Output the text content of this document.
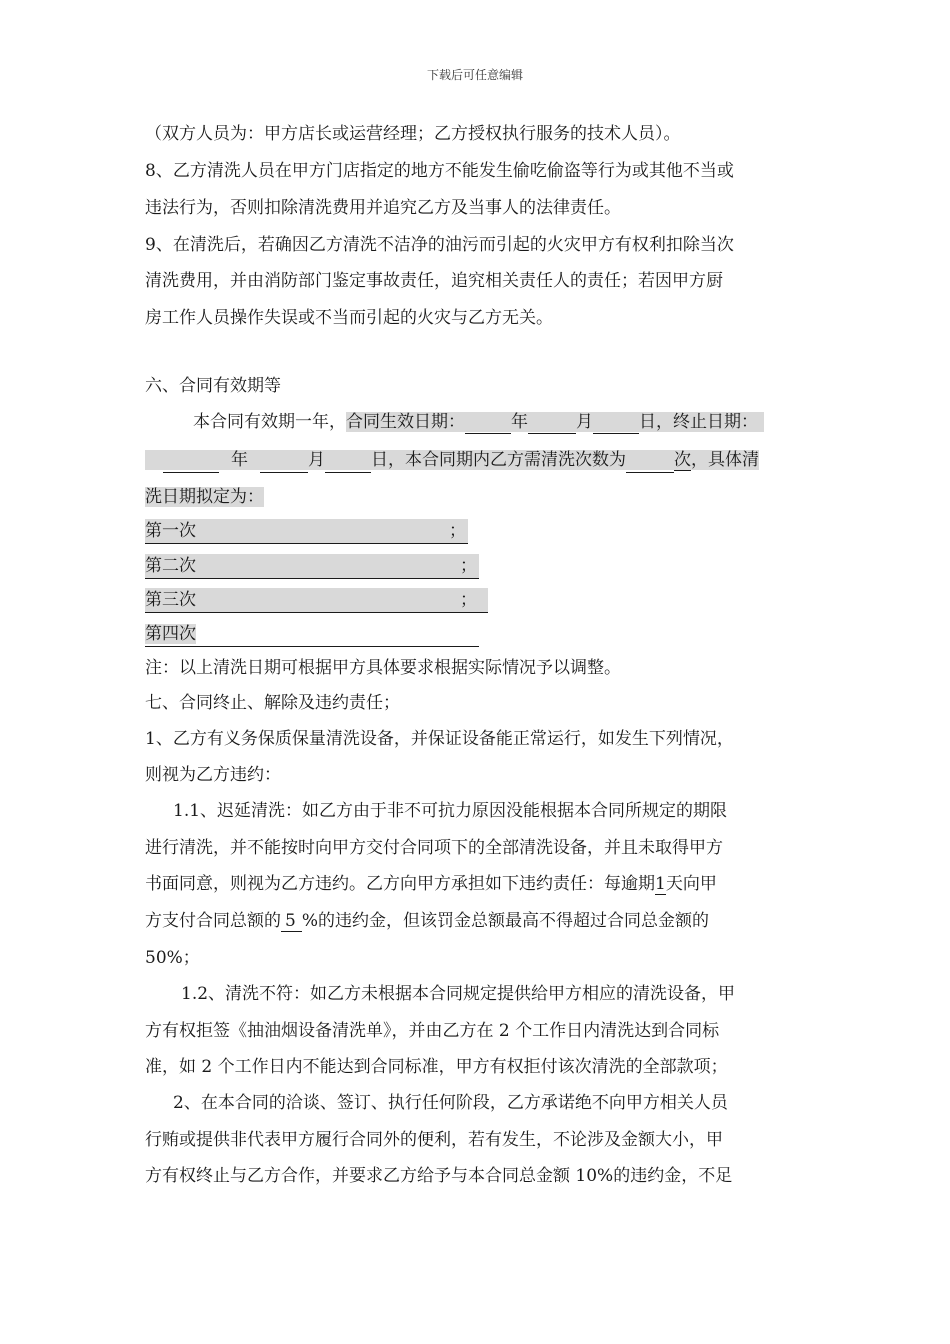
下载后可任意编辑
（双方人员为：甲方店长或运营经理；乙方授权执行服务的技术人员）。
8、乙方清洗人员在甲方门店指定的地方不能发生偷吃偷盗等行为或其他不当或
违法行为，否则扣除清洗费用并追究乙方及当事人的法律责任。
9、在清洗后，若确因乙方清洗不洁净的油污而引起的火灾甲方有权利扣除当次
清洗费用，并由消防部门鉴定事故责任，追究相关责任人的责任；若因甲方厨
房工作人员操作失误或不当而引起的火灾与乙方无关。
六、合同有效期等
本合同有效期一年，合同生效日期：	年	月	日，终止日期：
年	月	日，本合同期内乙方需清洗次数为	次，具体清
洗日期拟定为：
第一次	；
第二次	；
第三次	；
第四次
注：以上清洗日期可根据甲方具体要求根据实际情况予以调整。
七、合同终止、解除及违约责任；
1、乙方有义务保质保量清洗设备，并保证设备能正常运行，如发生下列情况，
则视为乙方违约：
1.1、迟延清洗：如乙方由于非不可抗力原因没能根据本合同所规定的期限
进行清洗，并不能按时向甲方交付合同项下的全部清洗设备，并且未取得甲方
书面同意，则视为乙方违约。乙方向甲方承担如下违约责任：每逾期1天向甲
方支付合同总额的 5 %的违约金，但该罚金总额最高不得超过合同总金额的
50%；
1.2、清洗不符：如乙方未根据本合同规定提供给甲方相应的清洗设备，甲
方有权拒签《抽油烟设备清洗单》，并由乙方在 2 个工作日内清洗达到合同标
准，如 2 个工作日内不能达到合同标准，甲方有权拒付该次清洗的全部款项；
2、在本合同的洽谈、签订、执行任何阶段，乙方承诺绝不向甲方相关人员
行贿或提供非代表甲方履行合同外的便利，若有发生，不论涉及金额大小，甲
方有权终止与乙方合作，并要求乙方给予与本合同总金额 10%的违约金，不足
